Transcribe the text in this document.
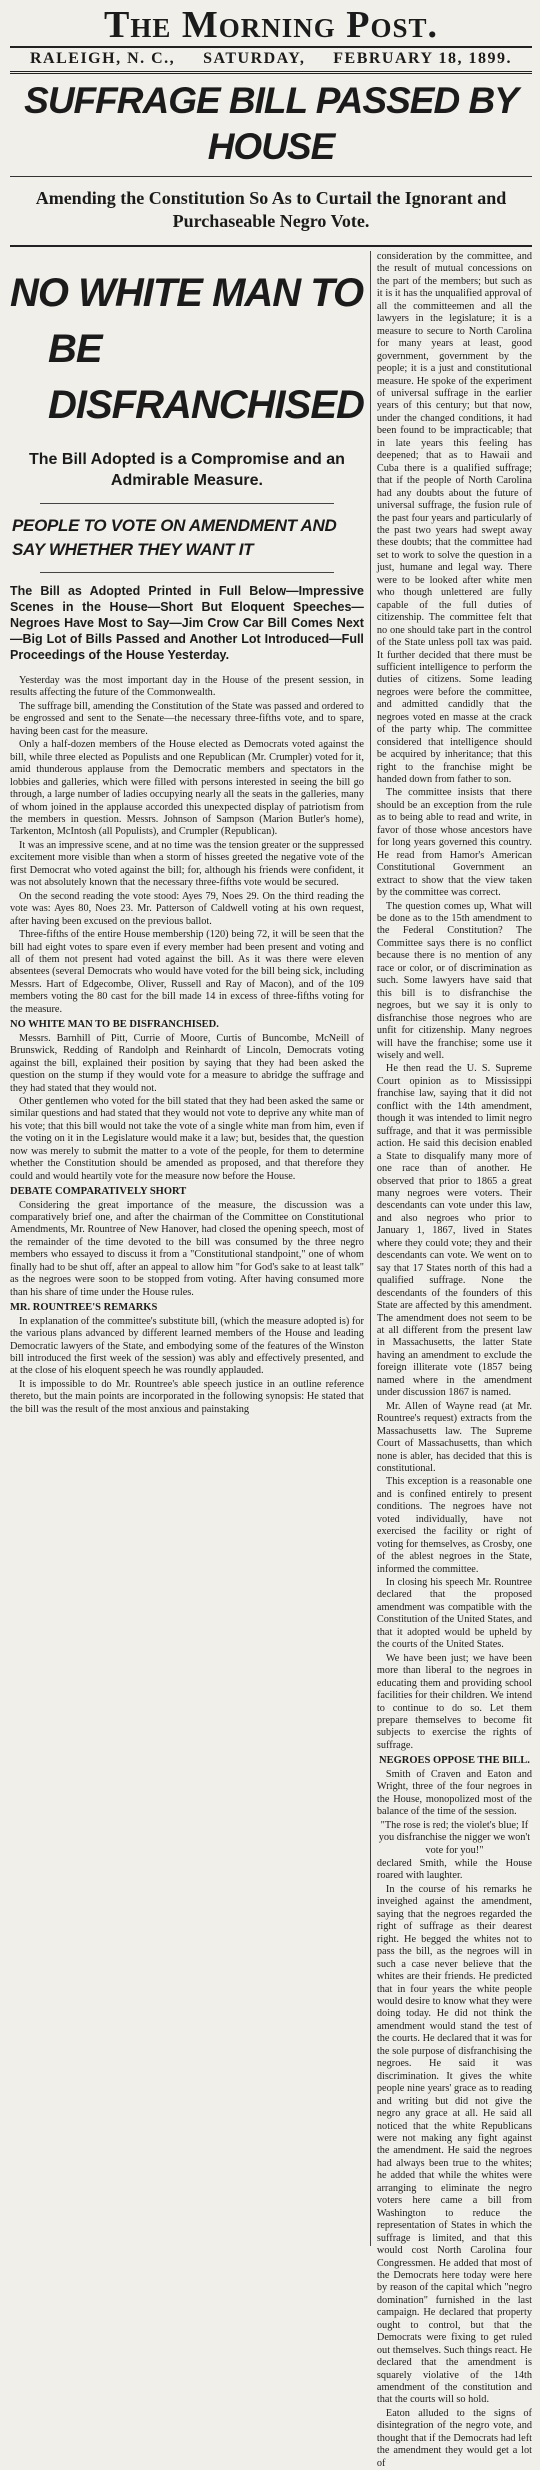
The Morning Post.
RALEIGH, N. C., SATURDAY, FEBRUARY 18, 1899.
SUFFRAGE BILL PASSED BY HOUSE
Amending the Constitution So As to Curtail the Ignorant and Purchaseable Negro Vote.
NO WHITE MAN TO
BE DISFRANCHISED
The Bill Adopted is a Compromise and an Admirable Measure.
PEOPLE TO VOTE ON AMENDMENT AND SAY WHETHER THEY WANT IT
The Bill as Adopted Printed in Full Below—Impressive Scenes in the House—Short But Eloquent Speeches—Negroes Have Most to Say—Jim Crow Car Bill Comes Next—Big Lot of Bills Passed and Another Lot Introduced—Full Proceedings of the House Yesterday.

Yesterday was the most important day in the House of the present session, in results affecting the future of the Commonwealth.

The suffrage bill, amending the Constitution of the State was passed and ordered to be engrossed and sent to the Senate—the necessary three-fifths vote, and to spare, having been cast for the measure.

Only a half-dozen members of the House elected as Democrats voted against the bill, while three elected as Populists and one Republican (Mr. Crumpler) voted for it, amid thunderous applause from the Democratic members and spectators in the lobbies and galleries, which were filled with persons interested in seeing the bill go through, a large number of ladies occupying nearly all the seats in the galleries, many of whom joined in the applause accorded this unexpected display of patriotism from the members in question. Messrs. Johnson of Sampson (Marion Butler's home), Tarkenton, McIntosh (all Populists), and Crumpler (Republican).

It was an impressive scene, and at no time was the tension greater or the suppressed excitement more visible than when a storm of hisses greeted the negative vote of the first Democrat who voted against the bill; for, although his friends were confident, it was not absolutely known that the necessary three-fifths vote would be secured.

On the second reading the vote stood: Ayes 79, Noes 29. On the third reading the vote was: Ayes 80, Noes 23. Mr. Patterson of Caldwell voting at his own request, after having been excused on the previous ballot.

Three-fifths of the entire House membership (120) being 72, it will be seen that the bill had eight votes to spare even if every member had been present and voting and all of them not present had voted against the bill. As it was there were eleven absentees (several Democrats who would have voted for the bill being sick, including Messrs. Hart of Edgecombe, Oliver, Russell and Ray of Macon), and of the 109 members voting the 80 cast for the bill made 14 in excess of three-fifths voting for the measure.

NO WHITE MAN TO BE DISFRANCHISED.

Messrs. Barnhill of Pitt, Currie of Moore, Curtis of Buncombe, McNeill of Brunswick, Redding of Randolph and Reinhardt of Lincoln, Democrats voting against the bill, explained their position by saying that they had been asked the question on the stump if they would vote for a measure to abridge the suffrage and they had stated that they would not.

Other gentlemen who voted for the bill stated that they had been asked the same or similar questions and had stated that they would not vote to deprive any white man of his vote; that this bill would not take the vote of a single white man from him, even if the voting on it in the Legislature would make it a law; but, besides that, the question now was merely to submit the matter to a vote of the people, for them to determine whether the Constitution should be amended as proposed, and that therefore they could and would heartily vote for the measure now before the House.

DEBATE COMPARATIVELY SHORT

Considering the great importance of the measure, the discussion was a comparatively brief one, and after the chairman of the Committee on Constitutional Amendments, Mr. Rountree of New Hanover, had closed the opening speech, most of the remainder of the time devoted to the bill was consumed by the three negro members who essayed to discuss it from a "Constitutional standpoint," one of whom finally had to be shut off, after an appeal to allow him "for God's sake to at least talk" as the negroes were soon to be stopped from voting. After having consumed more than his share of time under the House rules.

MR. ROUNTREE'S REMARKS

In explanation of the committee's substitute bill, (which the measure adopted is) for the various plans advanced by different learned members of the House and leading Democratic lawyers of the State, and embodying some of the features of the Winston bill introduced the first week of the session) was ably and effectively presented, and at the close of his eloquent speech he was roundly applauded.

It is impossible to do Mr. Rountree's able speech justice in an outline reference thereto, but the main points are incorporated in the following synopsis: He stated that the bill was the result of the most anxious and painstaking

consideration by the committee, and the result of mutual concessions on the part of the members; but such as it is it has the unqualified approval of all the committeemen and all the lawyers in the legislature; it is a measure to secure to North Carolina for many years at least, good government, government by the people; it is a just and constitutional measure. He spoke of the experiment of universal suffrage in the earlier years of this century; but that now, under the changed conditions, it had been found to be impracticable; that in late years this feeling has deepened; that as to Hawaii and Cuba there is a qualified suffrage; that if the people of North Carolina had any doubts about the future of universal suffrage, the fusion rule of the past four years and particularly of the past two years had swept away these doubts; that the committee had set to work to solve the question in a just, humane and legal way. There were to be looked after white men who though unlettered are fully capable of the full duties of citizenship. The committee felt that no one should take part in the control of the State unless poll tax was paid. It further decided that there must be sufficient intelligence to perform the duties of citizens. Some leading negroes were before the committee, and admitted candidly that the negroes voted en masse at the crack of the party whip. The committee considered that intelligence should be acquired by inheritance; that this right to the franchise might be handed down from father to son.

The committee insists that there should be an exception from the rule as to being able to read and write, in favor of those whose ancestors have for long years governed this country. He read from Hamor's American Constitutional Government an extract to show that the view taken by the committee was correct.

The question comes up, What will be done as to the 15th amendment to the Federal Constitution? The Committee says there is no conflict because there is no mention of any race or color, or of discrimination as such. Some lawyers have said that this bill is to disfranchise the negroes, but we say it is only to disfranchise those negroes who are unfit for citizenship. Many negroes will have the franchise; some use it wisely and well.

He then read the U. S. Supreme Court opinion as to Mississippi franchise law, saying that it did not conflict with the 14th amendment, though it was intended to limit negro suffrage, and that it was permissible action. He said this decision enabled a State to disqualify many more of one race than of another. He observed that prior to 1865 a great many negroes were voters. Their descendants can vote under this law, and also negroes who prior to January 1, 1867, lived in States where they could vote; they and their descendants can vote. We went on to say that 17 States north of this had a qualified suffrage. None the descendants of the founders of this State are affected by this amendment. The amendment does not seem to be at all different from the present law in Massachusetts, the latter State having an amendment to exclude the foreign illiterate vote (1857 being named where in the amendment under discussion 1867 is named.

Mr. Allen of Wayne read (at Mr. Rountree's request) extracts from the Massachusetts law. The Supreme Court of Massachusetts, than which none is abler, has decided that this is constitutional.

This exception is a reasonable one and is confined entirely to present conditions. The negroes have not voted individually, have not exercised the facility or right of voting for themselves, as Crosby, one of the ablest negroes in the State, informed the committee.

In closing his speech Mr. Rountree declared that the proposed amendment was compatible with the Constitution of the United States, and that it adopted would be upheld by the courts of the United States.

We have been just; we have been more than liberal to the negroes in educating them and providing school facilities for their children. We intend to continue to do so. Let them prepare themselves to become fit subjects to exercise the rights of suffrage.

NEGROES OPPOSE THE BILL.

Smith of Craven and Eaton and Wright, three of the four negroes in the House, monopolized most of the balance of the time of the session.

"The rose is red; the violet's blue; If you disfranchise the nigger we won't vote for you!"

declared Smith, while the House roared with laughter.

In the course of his remarks he inveighed against the amendment, saying that the negroes regarded the right of suffrage as their dearest right. He begged the whites not to pass the bill, as the negroes will in such a case never believe that the whites are their friends. He predicted that in four years the white people would desire to know what they were doing today. He did not think the amendment would stand the test of the courts. He declared that it was for the sole purpose of disfranchising the negroes. He said it was discrimination. It gives the white people nine years' grace as to reading and writing but did not give the negro any grace at all. He said all noticed that the white Republicans were not making any fight against the amendment. He said the negroes had always been true to the whites; he added that while the whites were arranging to eliminate the negro voters here came a bill from Washington to reduce the representation of States in which the suffrage is limited, and that this would cost North Carolina four Congressmen. He added that most of the Democrats here today were here by reason of the capital which "negro domination" furnished in the last campaign. He declared that property ought to control, but that the Democrats were fixing to get ruled out themselves. Such things react. He declared that the amendment is squarely violative of the 14th amendment of the constitution and that the courts will so hold.

Eaton alluded to the signs of disintegration of the negro vote, and thought that if the Democrats had left the amendment they would get a lot of
